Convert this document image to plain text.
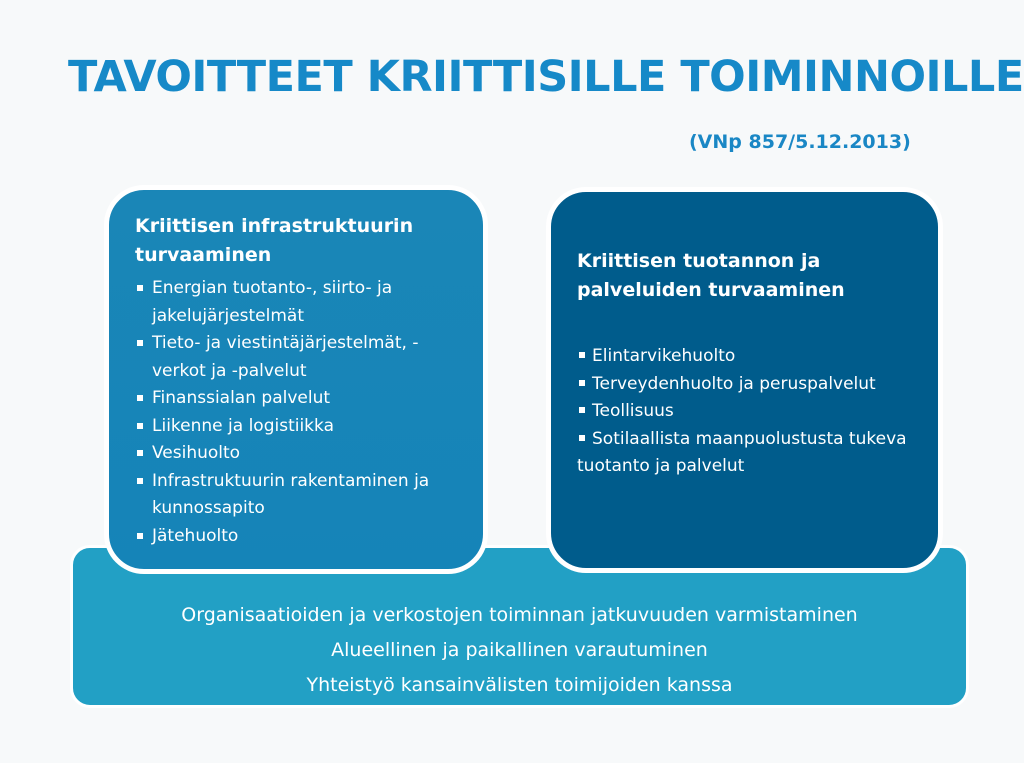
TAVOITTEET KRIITTISILLE TOIMINNOILLE
(VNp 857/5.12.2013)
Organisaatioiden ja verkostojen toiminnan jatkuvuuden varmistaminen
Alueellinen ja paikallinen varautuminen
Yhteistyö kansainvälisten toimijoiden kanssa
Kriittisen infrastruktuurin turvaaminen
Energian tuotanto-, siirto- ja jakelujärjestelmät
Tieto- ja viestintäjärjestelmät, -verkot ja -palvelut
Finanssialan palvelut
Liikenne ja logistiikka
Vesihuolto
Infrastruktuurin rakentaminen ja kunnossapito
Jätehuolto
Kriittisen tuotannon ja palveluiden turvaaminen
Elintarvikehuolto
Terveydenhuolto ja peruspalvelut
Teollisuus
Sotilaallista maanpuolustusta tukeva tuotanto ja palvelut
